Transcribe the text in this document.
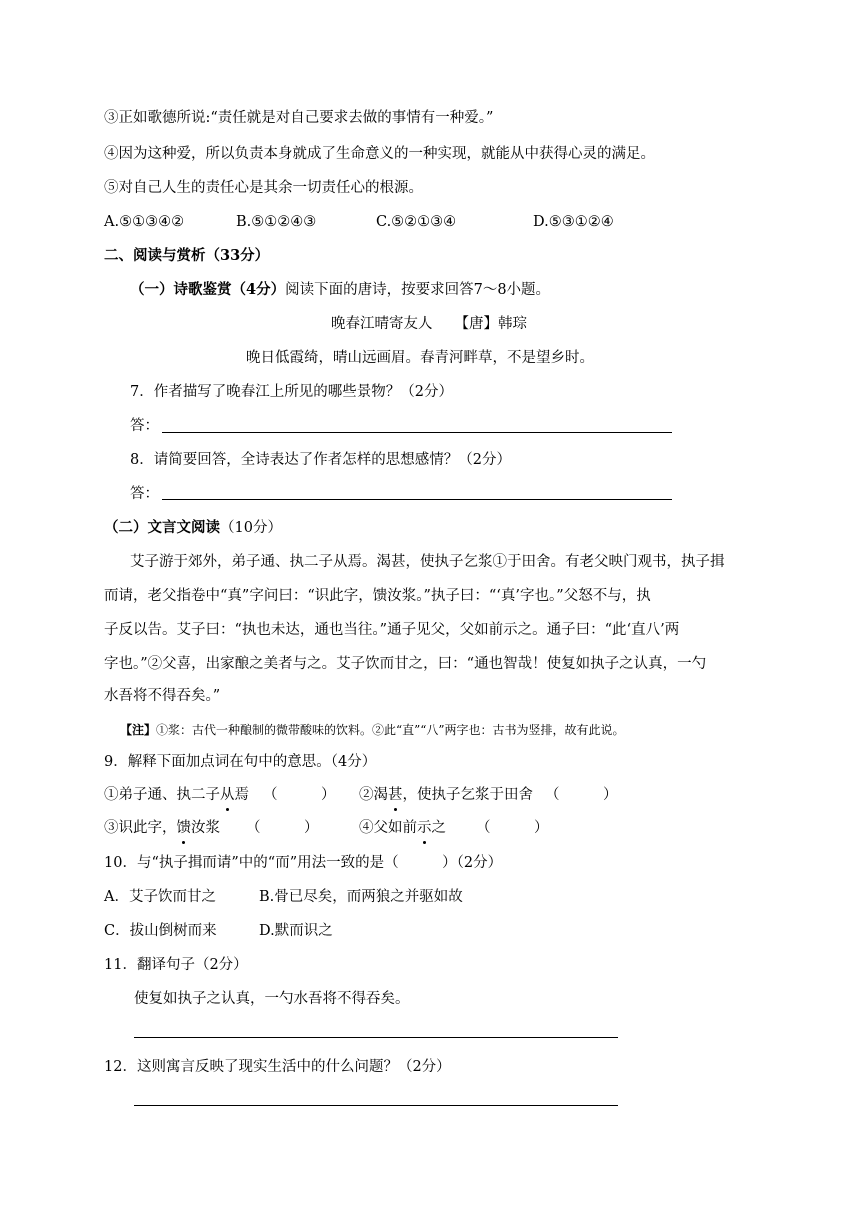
③正如歌德所说:“责任就是对自己要求去做的事情有一种爱。”

④因为这种爱，所以负责本身就成了生命意义的一种实现，就能从中获得心灵的满足。

⑤对自己人生的责任心是其余一切责任心的根源。

A.⑤①③④②	B.⑤①②④③	C.⑤②①③④	D.⑤③①②④

二、阅读与赏析（33分）

（一）诗歌鉴赏（4分）阅读下面的唐诗，按要求回答7～8小题。

晚春江晴寄友人 【唐】韩琮

晚日低霞绮，晴山远画眉。春青河畔草，不是望乡时。

7．作者描写了晚春江上所见的哪些景物？（2分）

答：

8．请简要回答，全诗表达了作者怎样的思想感情？（2分）

答：

（二）文言文阅读（10分）

艾子游于郊外，弟子通、执二子从焉。渴甚，使执子乞浆①于田舍。有老父映门观书，执子揖

而请，老父指卷中“真”字问曰：“识此字，馈汝浆。”执子曰：“‘真’字也。”父怒不与，执

子反以告。艾子曰：“执也未达，通也当往。”通子见父，父如前示之。通子曰：“此‘直八’两

字也。”②父喜，出家酿之美者与之。艾子饮而甘之，曰：“通也智哉！使复如执子之认真，一勺

水吾将不得吞矣。”

【注】①浆：古代一种酿制的微带酸味的饮料。②此“直”“八”两字也：古书为竖排，故有此说。

9．解释下面加点词在句中的意思。（4分）

①弟子通、执二子从焉 （　　　） ②渴甚，使执子乞浆于田舍 （　　　）
③识此字，馈汝浆 （　　　）	④父如前示之 （　　　）

10．与“执子揖而请”中的“而”用法一致的是（　　　）（2分）

A．艾子饮而甘之	B.骨已尽矣，而两狼之并驱如故
C．拔山倒树而来	D.默而识之

11．翻译句子（2分）

使复如执子之认真，一勺水吾将不得吞矣。

12．这则寓言反映了现实生活中的什么问题？（2分）
